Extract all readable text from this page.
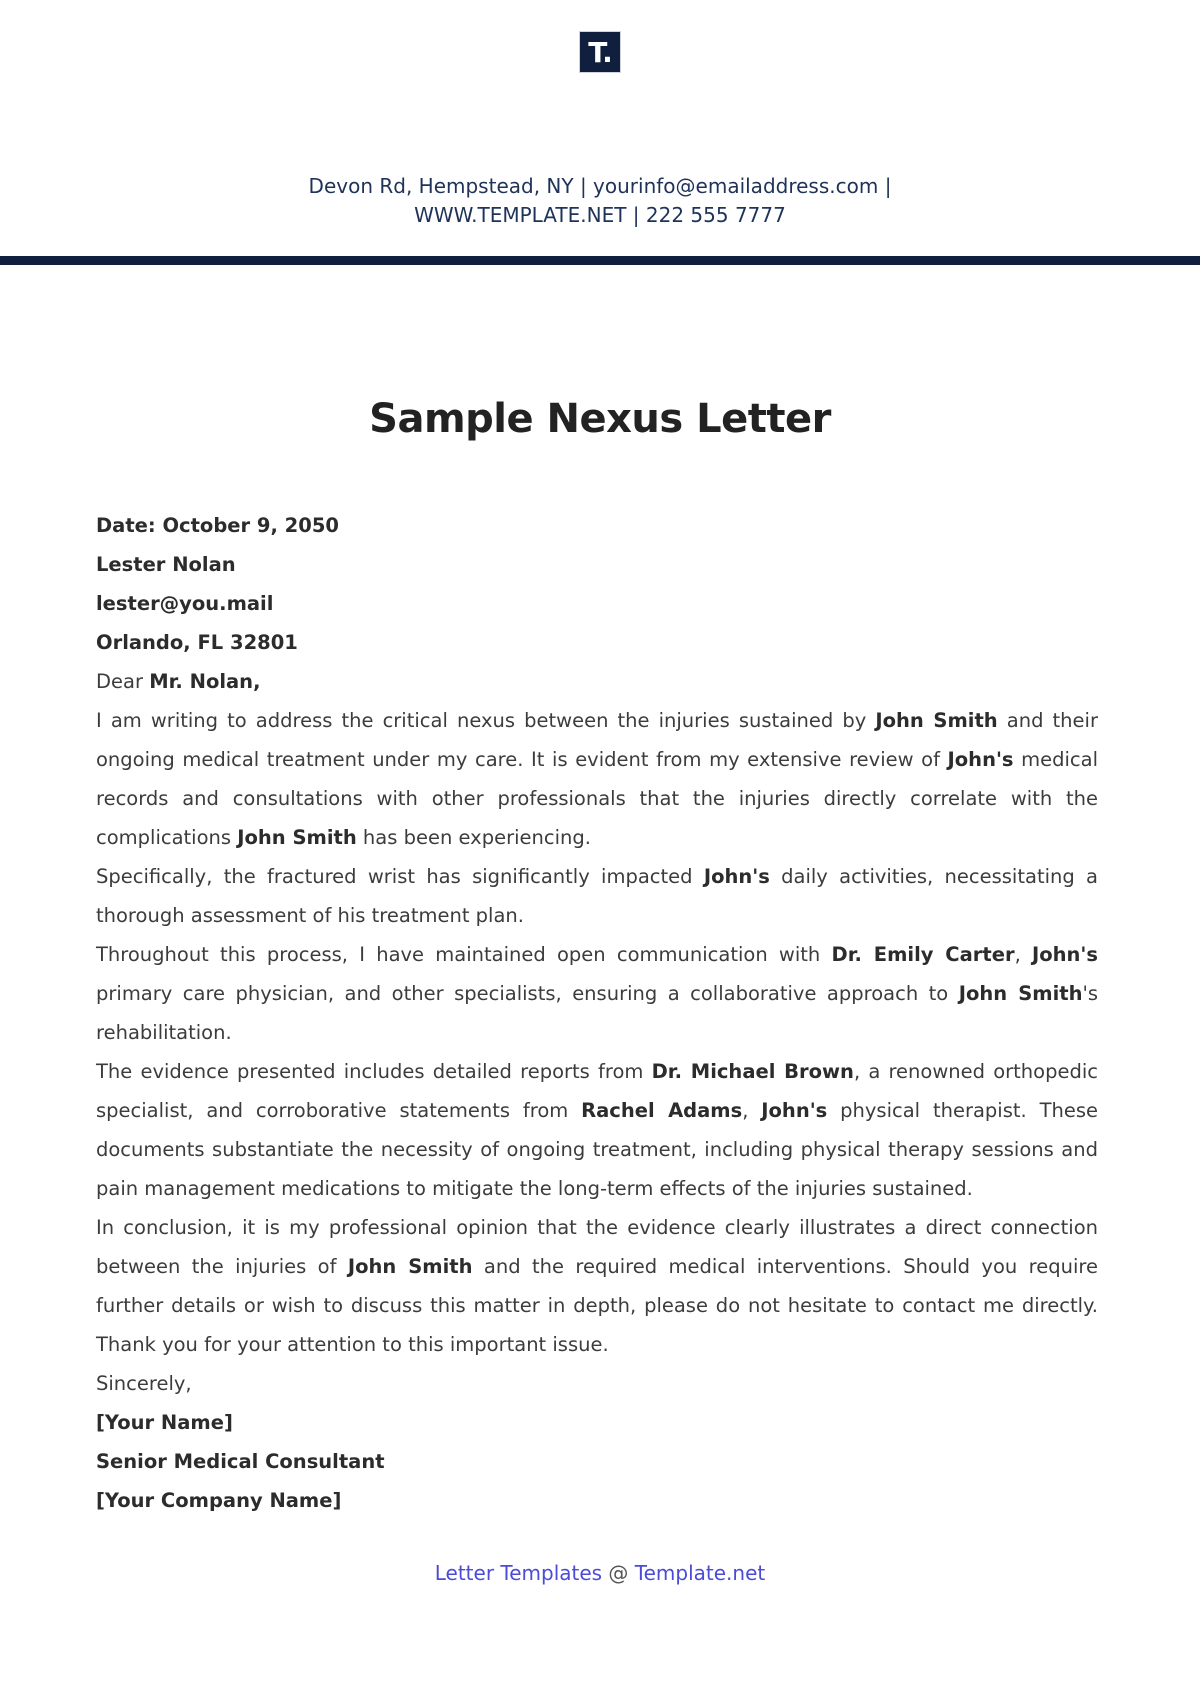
T.
Devon Rd, Hempstead, NY | yourinfo@emailaddress.com |
WWW.TEMPLATE.NET | 222 555 7777
Sample Nexus Letter

Date: October 9, 2050

Lester Nolan

lester@you.mail

Orlando, FL 32801

Dear Mr. Nolan,

I am writing to address the critical nexus between the injuries sustained by John Smith and their ongoing medical treatment under my care. It is evident from my extensive review of John's medical records and consultations with other professionals that the injuries directly correlate with the complications John Smith has been experiencing.

Specifically, the fractured wrist has significantly impacted John's daily activities, necessitating a thorough assessment of his treatment plan.

Throughout this process, I have maintained open communication with Dr. Emily Carter, John's primary care physician, and other specialists, ensuring a collaborative approach to John Smith's rehabilitation.

The evidence presented includes detailed reports from Dr. Michael Brown, a renowned orthopedic specialist, and corroborative statements from Rachel Adams, John's physical therapist. These documents substantiate the necessity of ongoing treatment, including physical therapy sessions and pain management medications to mitigate the long-term effects of the injuries sustained.

In conclusion, it is my professional opinion that the evidence clearly illustrates a direct connection between the injuries of John Smith and the required medical interventions. Should you require further details or wish to discuss this matter in depth, please do not hesitate to contact me directly. Thank you for your attention to this important issue.

Sincerely,

[Your Name]

Senior Medical Consultant

[Your Company Name]

Letter Templates @ Template.net
